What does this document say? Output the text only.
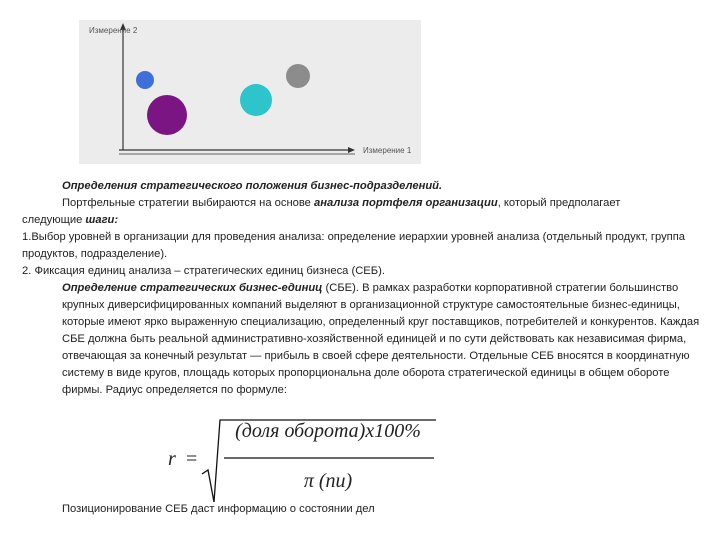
Измерение 2
Измерение 1

Определения стратегического положения бизнес-подразделений.

Портфельные стратегии выбираются на основе анализа портфеля организации, который предполагает

следующие шаги:

1.Выбор уровней в организации для проведения анализа: определение иерархии уровней анализа (отдельный продукт, группа продуктов, подразделение).

2. Фиксация единиц анализа – стратегических единиц бизнеса (СЕБ).

Определение стратегических бизнес-единиц (СБЕ). В рамках разработки корпоративной стратегии большинство крупных диверсифицированных компаний выделяют в организационной структуре самостоятельные бизнес-единицы, которые имеют ярко выраженную специализацию, определенный круг поставщиков, потребителей и конкурентов. Каждая СБЕ должна быть реальной административно-хозяйственной единицей и по сути действовать как независимая фирма, отвечающая за конечный результат — прибыль в своей сфере деятельности. Отдельные СЕБ вносятся в координатную систему в виде кругов, площадь которых пропорциональна доле оборота стратегической единицы в общем обороте фирмы. Радиус определяется по формуле:

r =
(доля оборота)x100%
π (пи)
Позиционирование СЕБ даст информацию о состоянии дел
